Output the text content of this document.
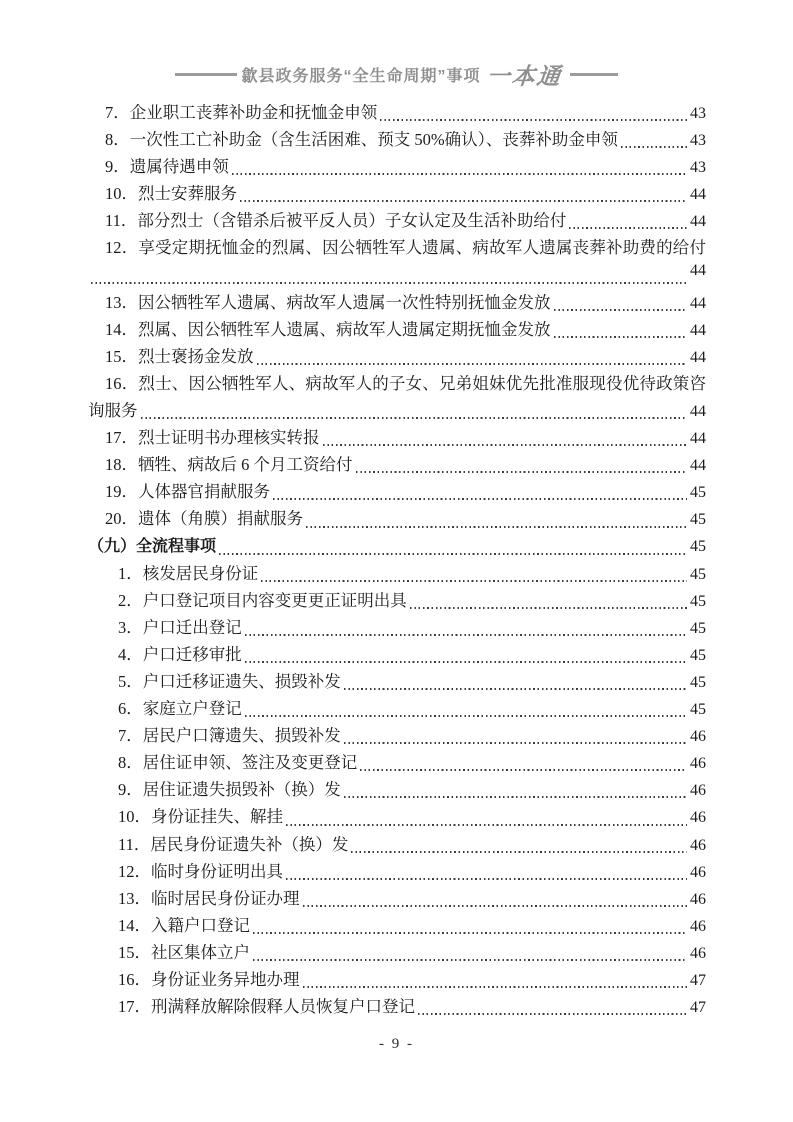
歙县政务服务“全生命周期”事项 一本通
7．企业职工丧葬补助金和抚恤金申领	43
8．一次性工亡补助金（含生活困难、预支 50%确认）、丧葬补助金申领	43
9．遗属待遇申领	43
10．烈士安葬服务	44
11．部分烈士（含错杀后被平反人员）子女认定及生活补助给付	44
12．享受定期抚恤金的烈属、因公牺牲军人遗属、病故军人遗属丧葬补助费的给付
44
13．因公牺牲军人遗属、病故军人遗属一次性特别抚恤金发放	44
14．烈属、因公牺牲军人遗属、病故军人遗属定期抚恤金发放	44
15．烈士褒扬金发放	44
16．烈士、因公牺牲军人、病故军人的子女、兄弟姐妹优先批准服现役优待政策咨
询服务	44
17．烈士证明书办理核实转报	44
18．牺牲、病故后 6 个月工资给付	44
19．人体器官捐献服务	45
20．遗体（角膜）捐献服务	45
（九）全流程事项	45
1．核发居民身份证	45
2．户口登记项目内容变更更正证明出具	45
3．户口迁出登记	45
4．户口迁移审批	45
5．户口迁移证遗失、损毁补发	45
6．家庭立户登记	45
7．居民户口簿遗失、损毁补发	46
8．居住证申领、签注及变更登记	46
9．居住证遗失损毁补（换）发	46
10．身份证挂失、解挂	46
11．居民身份证遗失补（换）发	46
12．临时身份证明出具	46
13．临时居民身份证办理	46
14．入籍户口登记	46
15．社区集体立户	46
16．身份证业务异地办理	47
17．刑满释放解除假释人员恢复户口登记	47
- 9 -
